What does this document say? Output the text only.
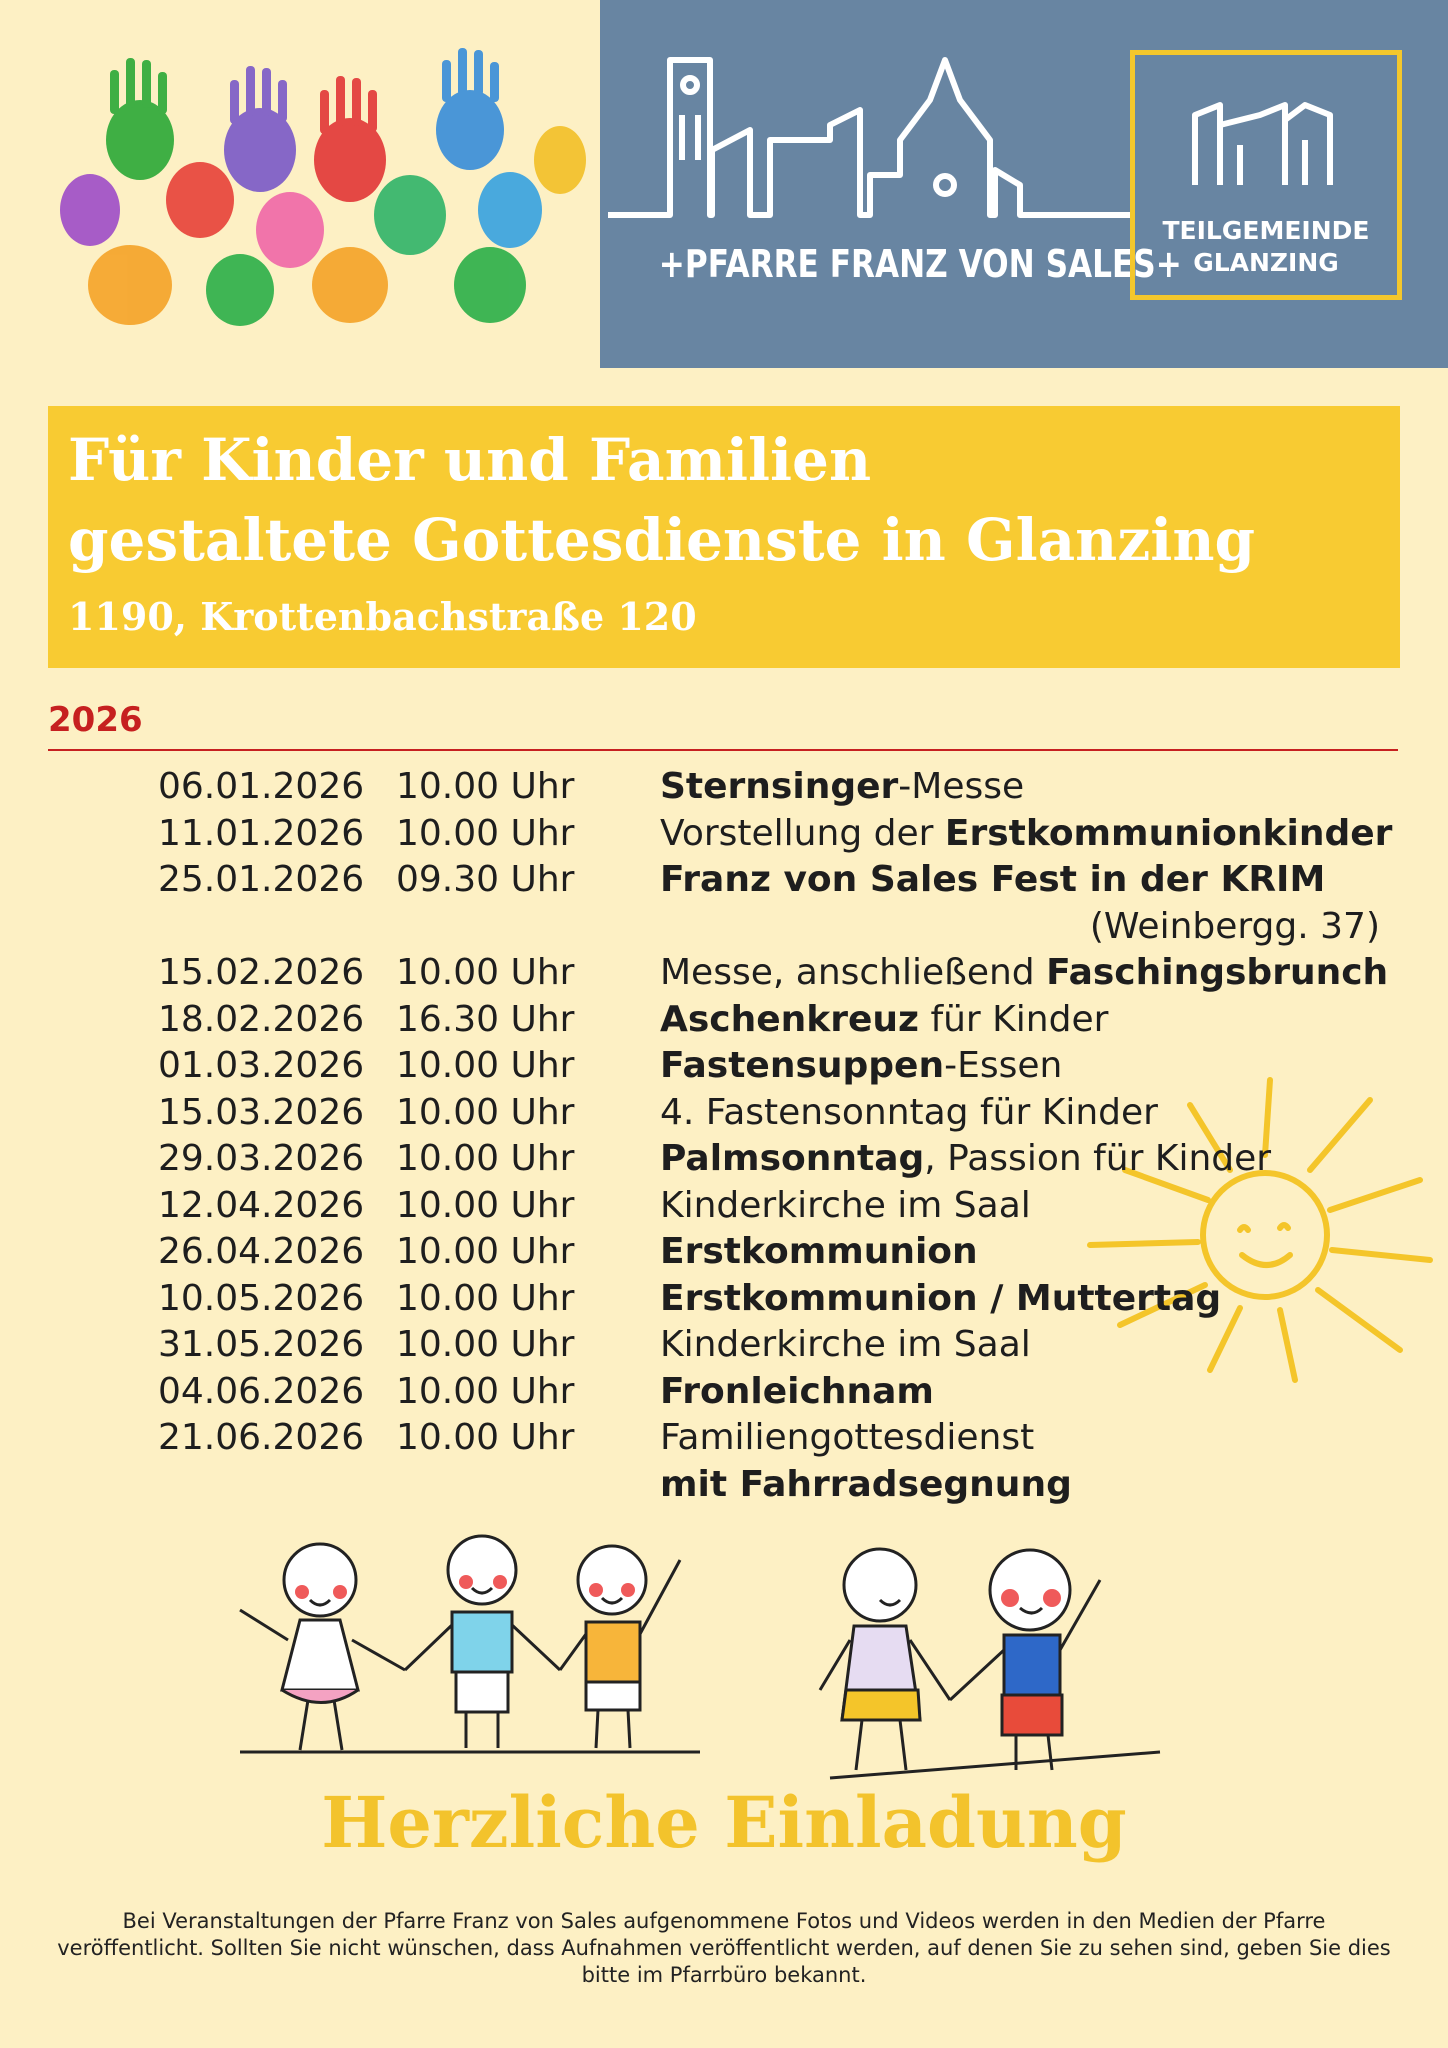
+PFARRE FRANZ VON SALES+
TEILGEMEINDE
GLANZING
Für Kinder und Familien
gestaltete Gottesdienste in Glanzing
1190, Krottenbachstraße 120
2026
06.01.2026 10.00 Uhr Sternsinger-Messe
11.01.2026 10.00 Uhr Vorstellung der Erstkommunionkinder
25.01.2026 09.30 Uhr Franz von Sales Fest in der KRIM
(Weinbergg. 37)
15.02.2026 10.00 Uhr Messe, anschließend Faschingsbrunch
18.02.2026 16.30 Uhr Aschenkreuz für Kinder
01.03.2026 10.00 Uhr Fastensuppen-Essen
15.03.2026 10.00 Uhr 4. Fastensonntag für Kinder
29.03.2026 10.00 Uhr Palmsonntag, Passion für Kinder
12.04.2026 10.00 Uhr Kinderkirche im Saal
26.04.2026 10.00 Uhr Erstkommunion
10.05.2026 10.00 Uhr Erstkommunion / Muttertag
31.05.2026 10.00 Uhr Kinderkirche im Saal
04.06.2026 10.00 Uhr Fronleichnam
21.06.2026 10.00 Uhr Familiengottesdienst
mit Fahrradsegnung
Herzliche Einladung
Bei Veranstaltungen der Pfarre Franz von Sales aufgenommene Fotos und Videos werden in den Medien der Pfarre veröffentlicht. Sollten Sie nicht wünschen, dass Aufnahmen veröffentlicht werden, auf denen Sie zu sehen sind, geben Sie dies bitte im Pfarrbüro bekannt.
